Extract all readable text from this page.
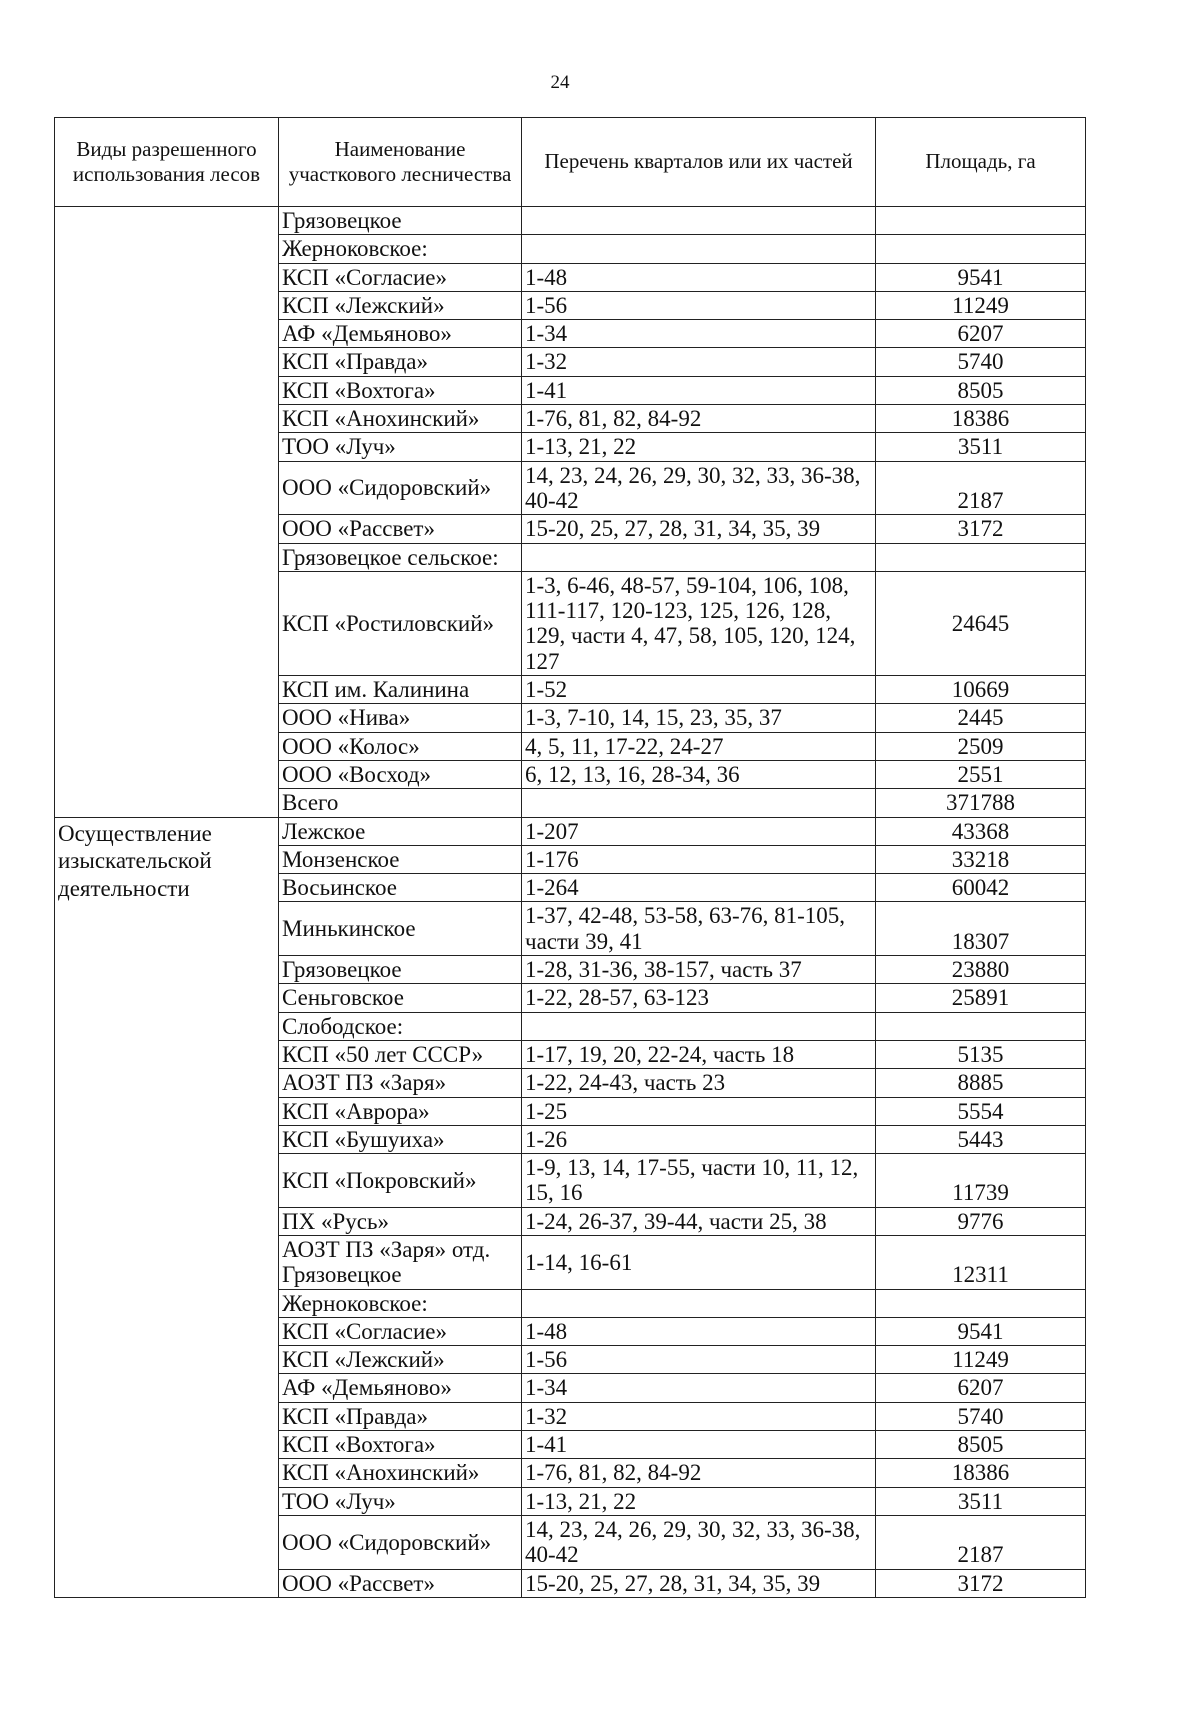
24
Виды разрешенного использования лесов	Наименование участкового лесничества	Перечень кварталов или их частей	Площадь, га
	Грязовецкое		
	Жерноковское:		
	КСП «Согласие»	1-48	9541
	КСП «Лежский»	1-56	11249
	АФ «Демьяново»	1-34	6207
	КСП «Правда»	1-32	5740
	КСП «Вохтога»	1-41	8505
	КСП «Анохинский»	1-76, 81, 82, 84-92	18386
	ТОО «Луч»	1-13, 21, 22	3511
	ООО «Сидоровский»	14, 23, 24, 26, 29, 30, 32, 33, 36-38, 40-42	2187
	ООО «Рассвет»	15-20, 25, 27, 28, 31, 34, 35, 39	3172
	Грязовецкое сельское:		
	КСП «Ростиловский»	1-3, 6-46, 48-57, 59-104, 106, 108, 111-117, 120-123, 125, 126, 128, 129, части 4, 47, 58, 105, 120, 124, 127	24645
	КСП им. Калинина	1-52	10669
	ООО «Нива»	1-3, 7-10, 14, 15, 23, 35, 37	2445
	ООО «Колос»	4, 5, 11, 17-22, 24-27	2509
	ООО «Восход»	6, 12, 13, 16, 28-34, 36	2551
	Всего		371788
Осуществление изыскательской деятельности	Лежское	1-207	43368
	Монзенское	1-176	33218
	Восьинское	1-264	60042
	Минькинское	1-37, 42-48, 53-58, 63-76, 81-105, части 39, 41	18307
	Грязовецкое	1-28, 31-36, 38-157, часть 37	23880
	Сеньговское	1-22, 28-57, 63-123	25891
	Слободское:		
	КСП «50 лет СССР»	1-17, 19, 20, 22-24, часть 18	5135
	АОЗТ ПЗ «Заря»	1-22, 24-43, часть 23	8885
	КСП «Аврора»	1-25	5554
	КСП «Бушуиха»	1-26	5443
	КСП «Покровский»	1-9, 13, 14, 17-55, части 10, 11, 12, 15, 16	11739
	ПХ «Русь»	1-24, 26-37, 39-44, части 25, 38	9776
	АОЗТ ПЗ «Заря» отд. Грязовецкое	1-14, 16-61	12311
	Жерноковское:		
	КСП «Согласие»	1-48	9541
	КСП «Лежский»	1-56	11249
	АФ «Демьяново»	1-34	6207
	КСП «Правда»	1-32	5740
	КСП «Вохтога»	1-41	8505
	КСП «Анохинский»	1-76, 81, 82, 84-92	18386
	ТОО «Луч»	1-13, 21, 22	3511
	ООО «Сидоровский»	14, 23, 24, 26, 29, 30, 32, 33, 36-38, 40-42	2187
	ООО «Рассвет»	15-20, 25, 27, 28, 31, 34, 35, 39	3172
